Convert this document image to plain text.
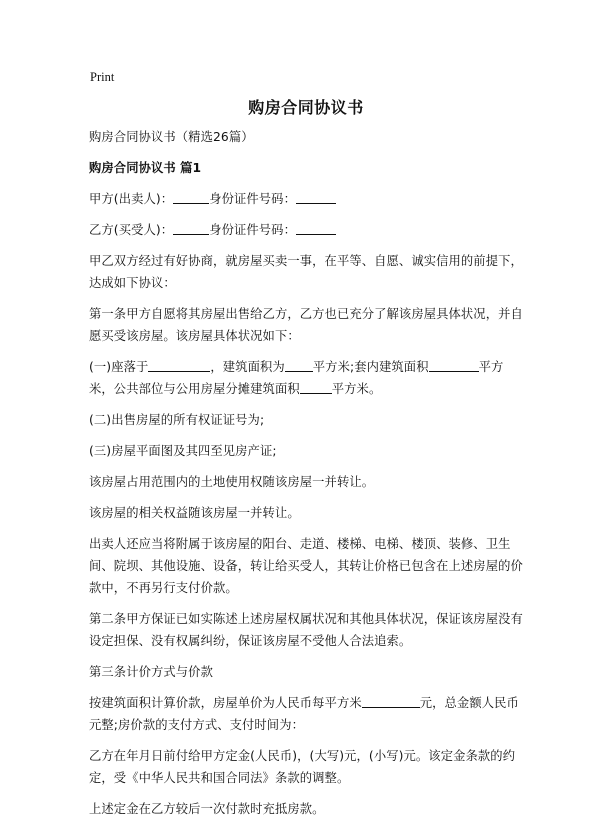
Print
购房合同协议书

购房合同协议书（精选26篇）

购房合同协议书 篇1

甲方(出卖人)：	身份证件号码：

乙方(买受人)：	身份证件号码：

甲乙双方经过有好协商，就房屋买卖一事，在平等、自愿、诚实信用的前提下，达成如下协议：

第一条甲方自愿将其房屋出售给乙方，乙方也已充分了解该房屋具体状况，并自愿买受该房屋。该房屋具体状况如下：

(一)座落于	，建筑面积为 平方米;套内建筑面积	平方米，公共部位与公用房屋分摊建筑面积	平方米。

(二)出售房屋的所有权证证号为;

(三)房屋平面图及其四至见房产证;

该房屋占用范围内的土地使用权随该房屋一并转让。

该房屋的相关权益随该房屋一并转让。

出卖人还应当将附属于该房屋的阳台、走道、楼梯、电梯、楼顶、装修、卫生间、院坝、其他设施、设备，转让给买受人，其转让价格已包含在上述房屋的价款中，不再另行支付价款。

第二条甲方保证已如实陈述上述房屋权属状况和其他具体状况，保证该房屋没有设定担保、没有权属纠纷，保证该房屋不受他人合法追索。

第三条计价方式与价款

按建筑面积计算价款，房屋单价为人民币每平方米	元，总金额人民币元整;房价款的支付方式、支付时间为：

乙方在年月日前付给甲方定金(人民币)，(大写)元，(小写)元。该定金条款的约定，受《中华人民共和国合同法》条款的调整。

上述定金在乙方较后一次付款时充抵房款。
